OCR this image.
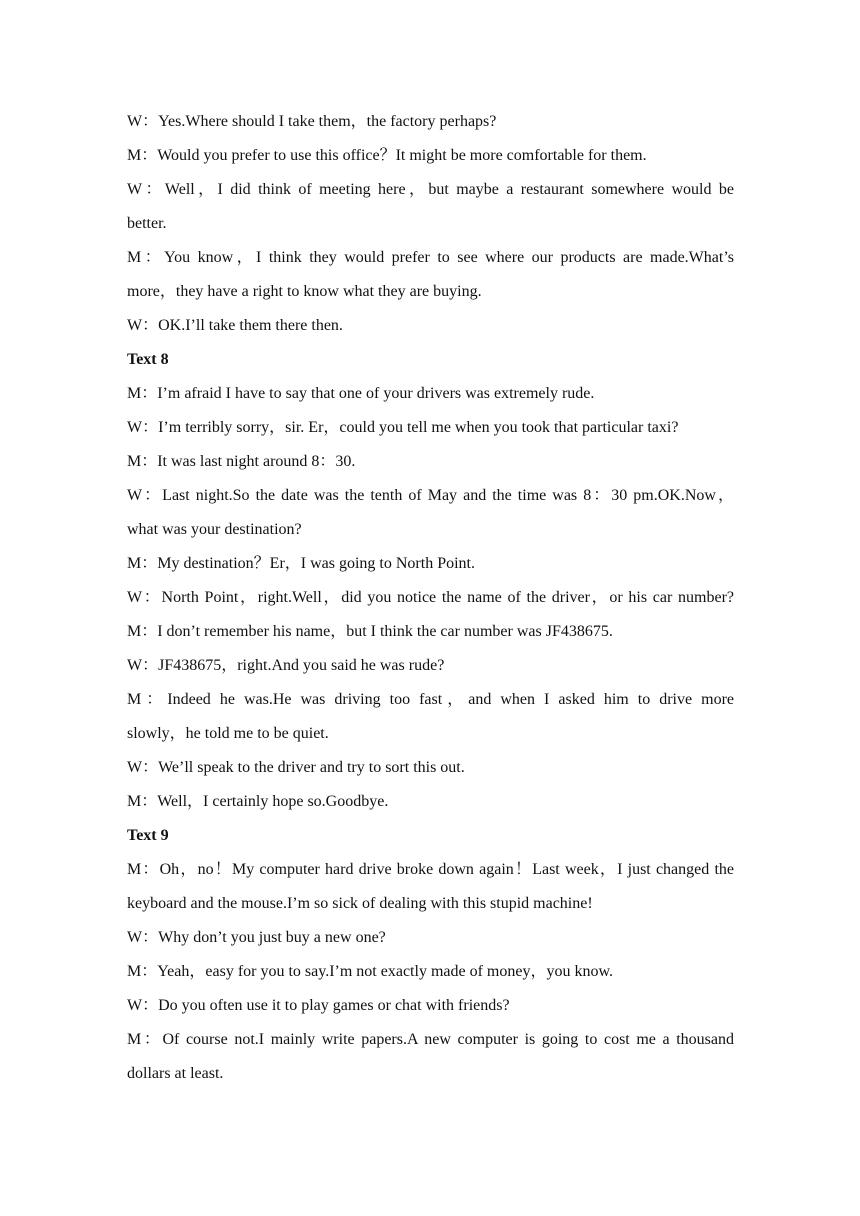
W：Yes.Where should I take them，the factory perhaps?
M：Would you prefer to use this office？It might be more comfortable for them.
W：Well，I did think of meeting here，but maybe a restaurant somewhere would be
better.
M：You know，I think they would prefer to see where our products are made.What’s
more，they have a right to know what they are buying.
W：OK.I’ll take them there then.
Text 8
M：I’m afraid I have to say that one of your drivers was extremely rude.
W：I’m terribly sorry，sir. Er，could you tell me when you took that particular taxi?
M：It was last night around 8：30.
W：Last night.So the date was the tenth of May and the time was 8：30 pm.OK.Now，
what was your destination?
M：My destination？Er，I was going to North Point.
W：North Point，right.Well，did you notice the name of the driver，or his car number?
M：I don’t remember his name，but I think the car number was JF438675.
W：JF438675，right.And you said he was rude?
M：Indeed he was.He was driving too fast，and when I asked him to drive more
slowly，he told me to be quiet.
W：We’ll speak to the driver and try to sort this out.
M：Well，I certainly hope so.Goodbye.
Text 9
M：Oh，no！My computer hard drive broke down again！Last week，I just changed the
keyboard and the mouse.I’m so sick of dealing with this stupid machine!
W：Why don’t you just buy a new one?
M：Yeah，easy for you to say.I’m not exactly made of money，you know.
W：Do you often use it to play games or chat with friends?
M：Of course not.I mainly write papers.A new computer is going to cost me a thousand
dollars at least.
